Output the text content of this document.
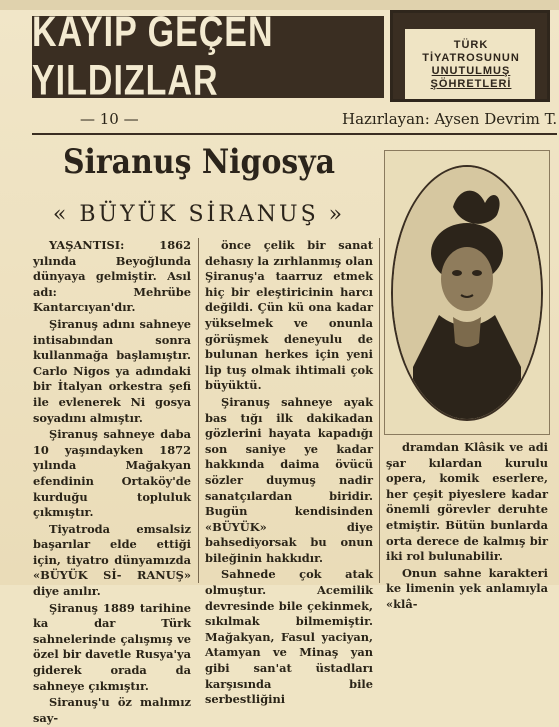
KAYIP GEÇEN YILDIZLAR
TÜRK
TİYATROSUNUN
UNUTULMUŞ
ŞÖHRETLERİ
— 10 —	Hazırlayan: Aysen Devrim T.
Siranuş Nigosya
« BÜYÜK SİRANUŞ »

YAŞANTISI: 1862 yılında Beyoğlunda dünyaya gelmiştir. Asıl adı: Mehrübe Kantarcıyan'dır.

Şiranuş adını sahneye intisabından sonra kullanmağa başlamıştır. Carlo Nigos ya adındaki bir İtalyan orkestra şefi ile evlenerek Ni gosya soyadını almıştır.

Şiranuş sahneye daba 10 yaşındayken 1872 yılında Mağakyan efendinin Ortaköy'de kurduğu topluluk çıkmıştır.

Tiyatroda emsalsiz başarılar elde ettiği için, tiyatro dünyamızda «BÜYÜK Sİ- RANUŞ» diye anılır.

Şiranuş 1889 tarihine ka dar Türk sahnelerinde çalışmış ve özel bir davetle Rusya'ya giderek orada da sahneye çıkmıştır.

Siranuş'u öz malımız say-

önce çelik bir sanat dehasıy la zırhlanmış olan Şiranuş'a taarruz etmek hiç bir eleştiricinin harcı değildi. Çün kü ona kadar yükselmek ve onunla görüşmek deneyulu de bulunan herkes için yeni lip tuş olmak ihtimali çok büyüktü.

Şiranuş sahneye ayak bas tığı ilk dakikadan gözlerini hayata kapadığı son saniye ye kadar hakkında daima övücü sözler duymuş nadir sanatçılardan biridir. Bugün kendisinden «BÜYÜK» diye bahsediyorsak bu onun bileğinin hakkıdır.

Sahnede çok atak olmuştur. Acemilik devresinde bile çekinmek, sıkılmak bilmemiştir. Mağakyan, Fasul yaciyan, Atamyan ve Minaş yan gibi san'at üstadları karşısında bile serbestliğini

dramdan Klâsik ve adi şar kılardan kurulu opera, komik eserlere, her çeşit piyeslere kadar önemli görevler deruhte etmiştir. Bütün bunlarda orta derece de kalmış bir iki rol bulunabilir.

Onun sahne karakteri ke limenin yek anlamıyla «klâ-
